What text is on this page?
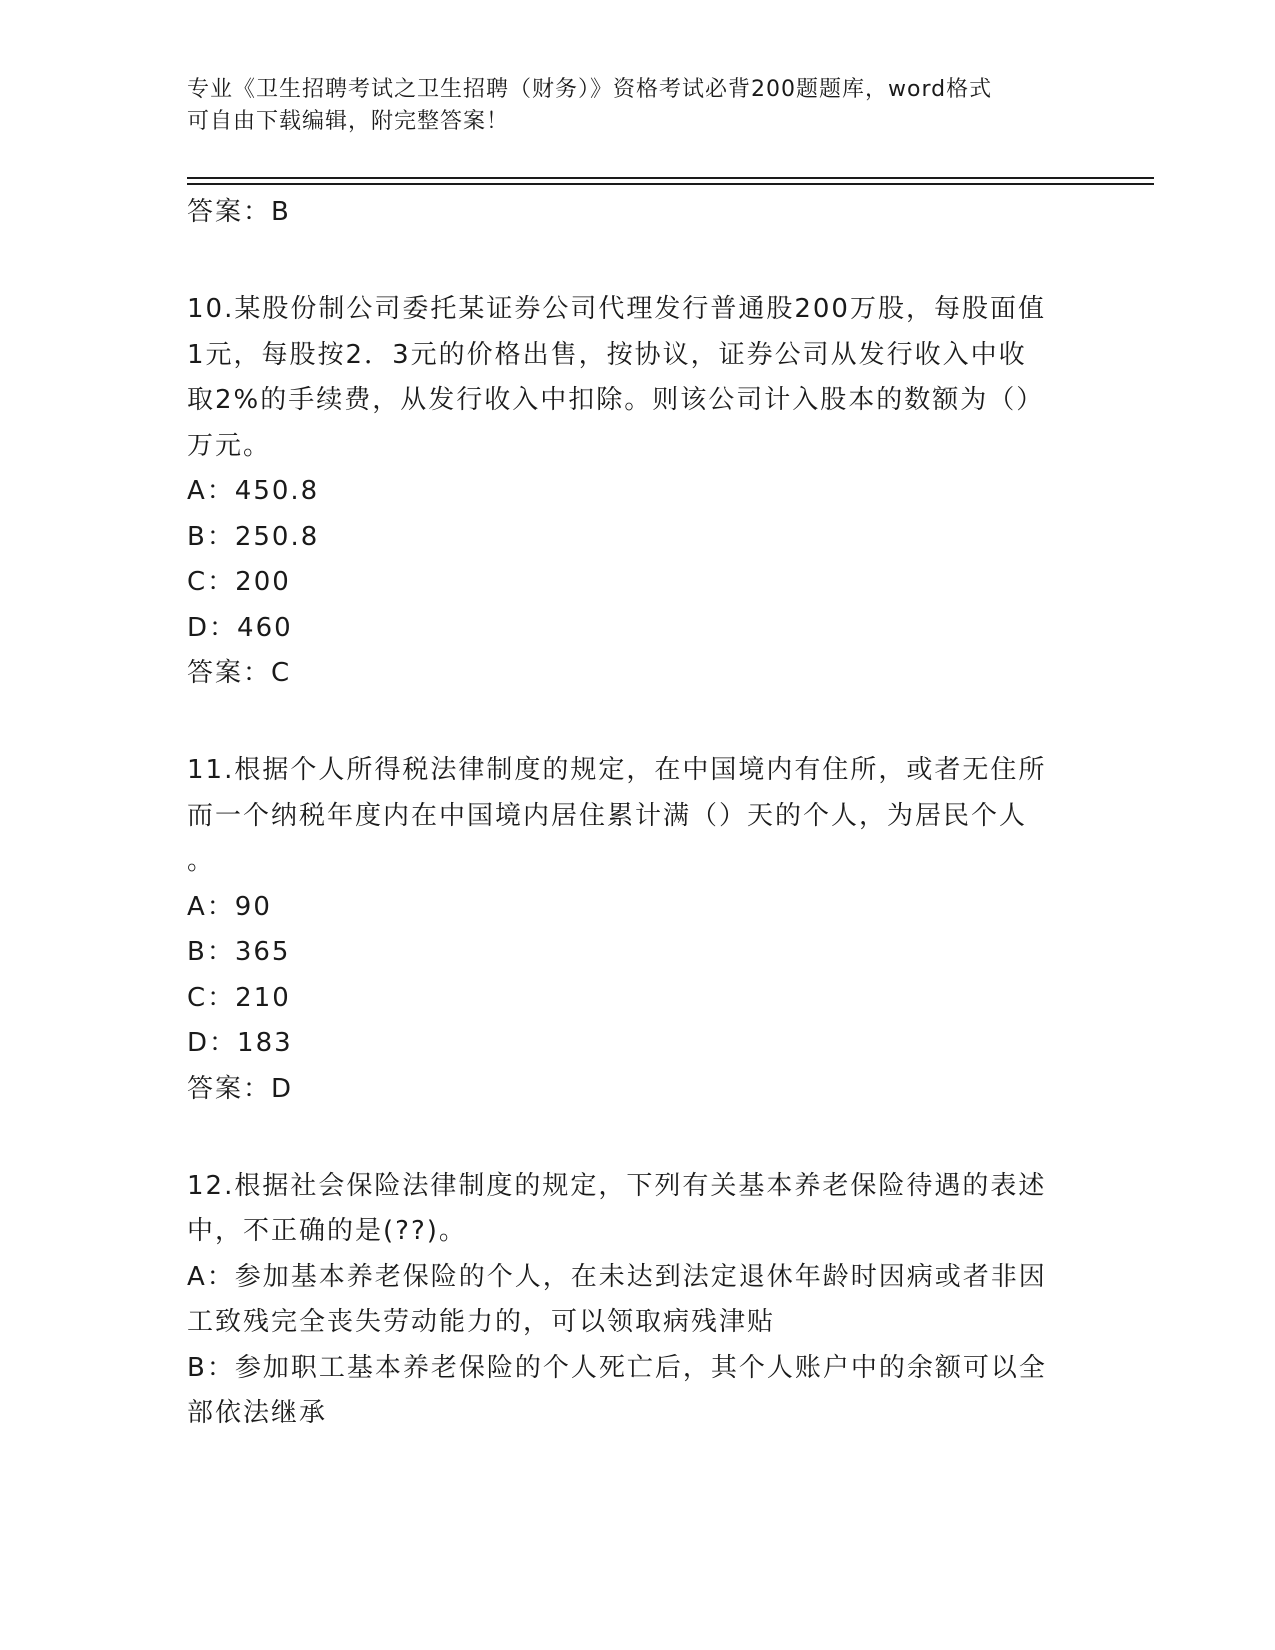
专业《卫生招聘考试之卫生招聘（财务）》资格考试必背200题题库，word格式
可自由下载编辑，附完整答案！
答案：B
10.某股份制公司委托某证券公司代理发行普通股200万股，每股面值
1元，每股按2．3元的价格出售，按协议，证券公司从发行收入中收
取2%的手续费，从发行收入中扣除。则该公司计入股本的数额为（）
万元。
A：450.8
B：250.8
C：200
D：460
答案：C
11.根据个人所得税法律制度的规定，在中国境内有住所，或者无住所
而一个纳税年度内在中国境内居住累计满（）天的个人，为居民个人
。
A：90
B：365
C：210
D：183
答案：D
12.根据社会保险法律制度的规定，下列有关基本养老保险待遇的表述
中，不正确的是(??)。
A：参加基本养老保险的个人，在未达到法定退休年龄时因病或者非因
工致残完全丧失劳动能力的，可以领取病残津贴
B：参加职工基本养老保险的个人死亡后，其个人账户中的余额可以全
部依法继承
